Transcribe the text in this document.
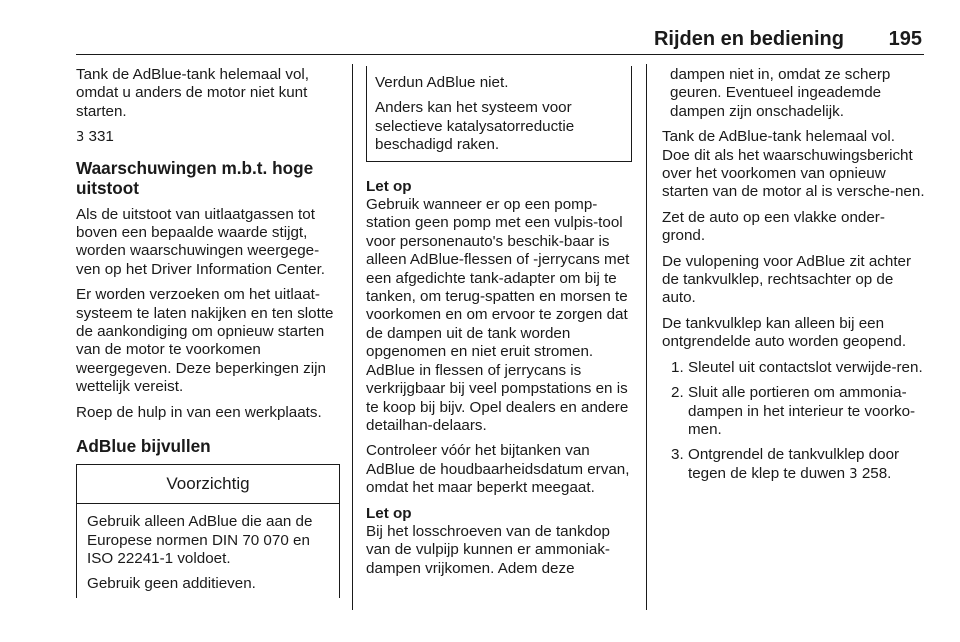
Rijden en bediening 195

Tank de AdBlue-tank helemaal vol, omdat u anders de motor niet kunt starten.

3 331

Waarschuwingen m.b.t. hoge uitstoot

Als de uitstoot van uitlaatgassen tot boven een bepaalde waarde stijgt, worden waarschuwingen weergege-ven op het Driver Information Center.

Er worden verzoeken om het uitlaat-systeem te laten nakijken en ten slotte de aankondiging om opnieuw starten van de motor te voorkomen weergegeven. Deze beperkingen zijn wettelijk vereist.

Roep de hulp in van een werkplaats.

AdBlue bijvullen
Voorzichtig

Gebruik alleen AdBlue die aan de Europese normen DIN 70 070 en ISO 22241-1 voldoet.

Gebruik geen additieven.

Verdun AdBlue niet.

Anders kan het systeem voor selectieve katalysatorreductie beschadigd raken.

Let op

Gebruik wanneer er op een pomp-station geen pomp met een vulpis-tool voor personenauto's beschik-baar is alleen AdBlue-flessen of -jerrycans met een afgedichte tank-adapter om bij te tanken, om terug-spatten en morsen te voorkomen en om ervoor te zorgen dat de dampen uit de tank worden opgenomen en niet eruit stromen. AdBlue in flessen of jerrycans is verkrijgbaar bij veel pompstations en is te koop bij bijv. Opel dealers en andere detailhan-delaars.

Controleer vóór het bijtanken van AdBlue de houdbaarheidsdatum ervan, omdat het maar beperkt meegaat.

Let op

Bij het losschroeven van de tankdop van de vulpijp kunnen er ammoniak-dampen vrijkomen. Adem deze

dampen niet in, omdat ze scherp geuren. Eventueel ingeademde dampen zijn onschadelijk.

Tank de AdBlue-tank helemaal vol. Doe dit als het waarschuwingsbericht over het voorkomen van opnieuw starten van de motor al is versche-nen.

Zet de auto op een vlakke onder-grond.

De vulopening voor AdBlue zit achter de tankvulklep, rechtsachter op de auto.

De tankvulklep kan alleen bij een ontgrendelde auto worden geopend.

1. Sleutel uit contactslot verwijde-ren.
2. Sluit alle portieren om ammonia-dampen in het interieur te voorko-men.
3. Ontgrendel de tankvulklep door tegen de klep te duwen 3 258.
